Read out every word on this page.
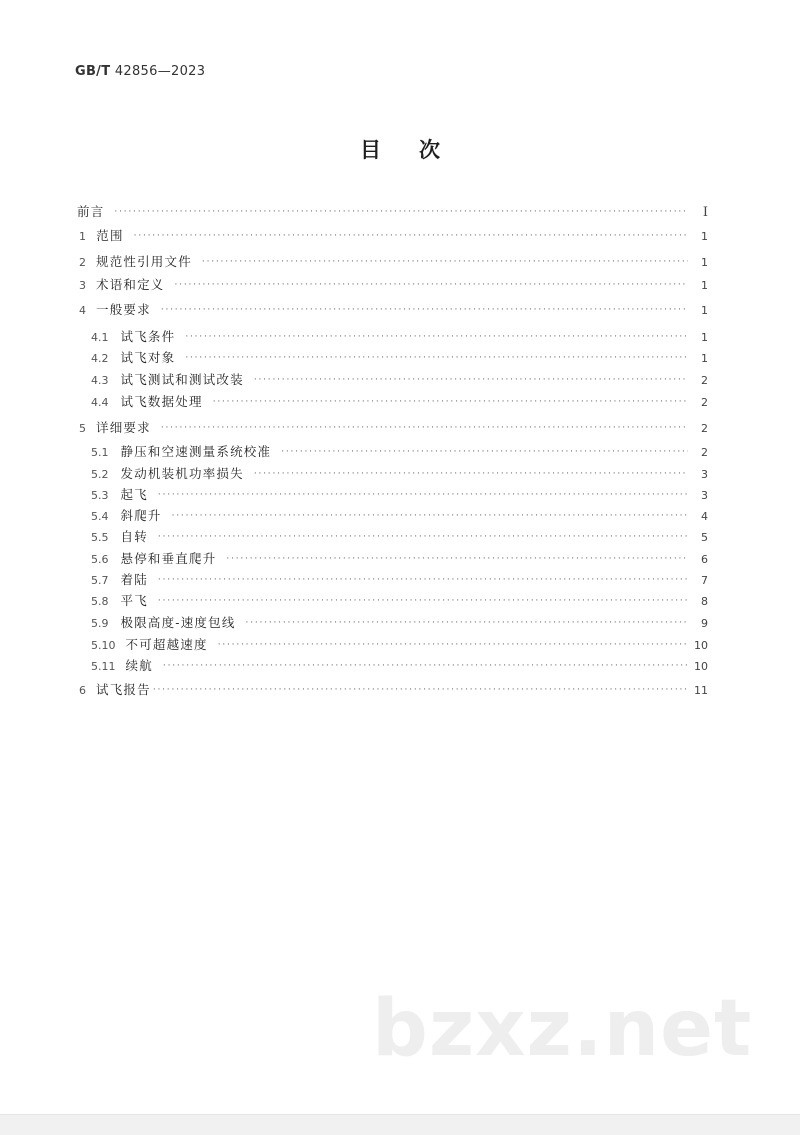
GB/T 42856—2023
目 次
前言 ·····	I
1 范围 ·····	1
2 规范性引用文件 ·····	1
3 术语和定义 ·····	1
4 一般要求 ·····	1
4.1 试飞条件 ·····	1
4.2 试飞对象 ·····	1
4.3 试飞测试和测试改装 ·····	2
4.4 试飞数据处理 ·····	2
5 详细要求 ·····	2
5.1 静压和空速测量系统校准 ·····	2
5.2 发动机装机功率损失 ·····	3
5.3 起飞 ·····	3
5.4 斜爬升 ·····	4
5.5 自转 ·····	5
5.6 悬停和垂直爬升 ·····	6
5.7 着陆 ·····	7
5.8 平飞 ·····	8
5.9 极限高度-速度包线 ·····	9
5.10 不可超越速度 ·····	10
5.11 续航 ·····	10
6 试飞报告 ·····	11
bzxz.net
